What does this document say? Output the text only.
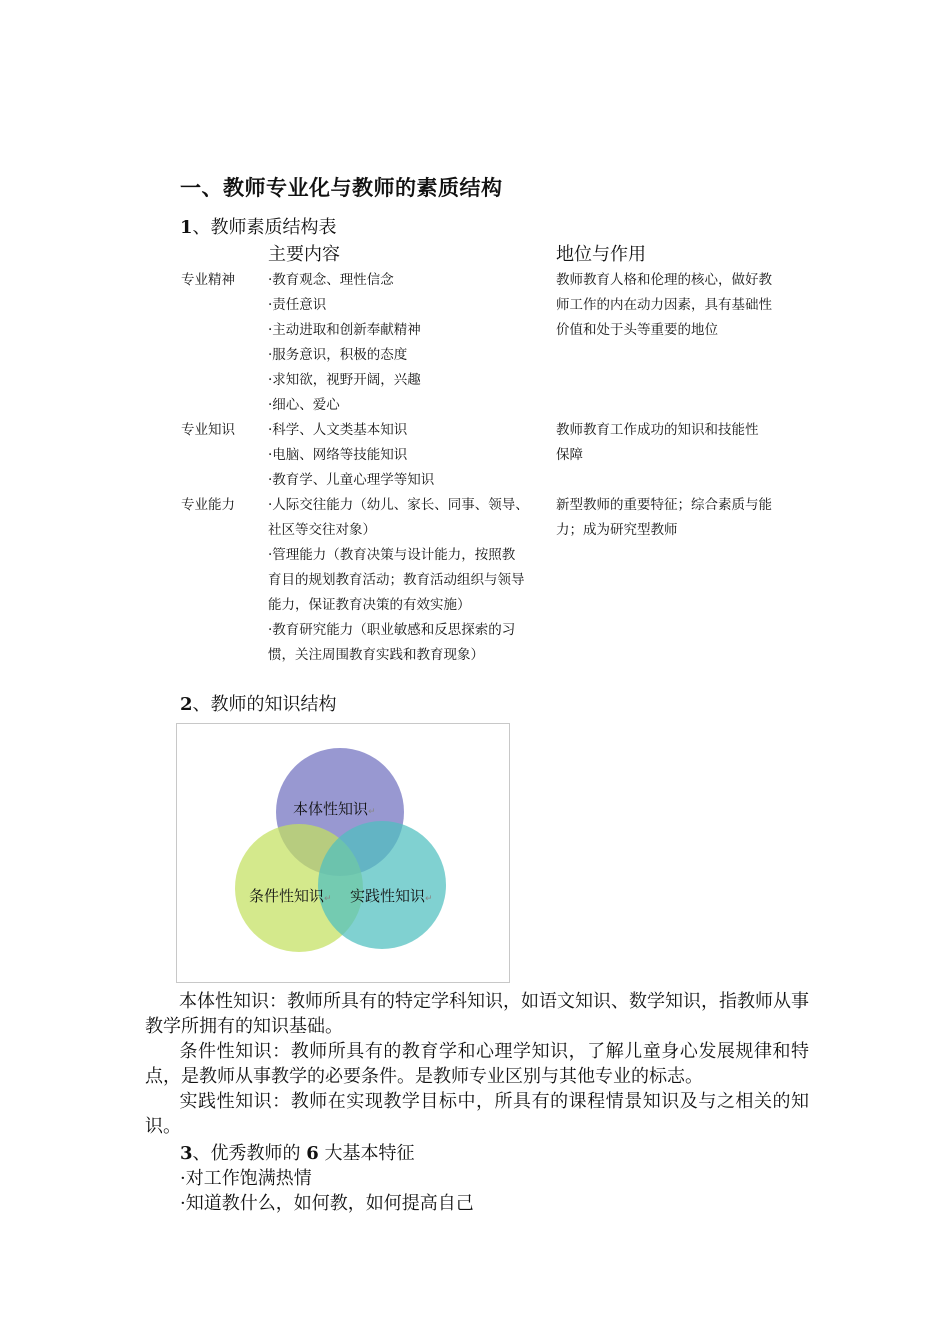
一、教师专业化与教师的素质结构
1、教师素质结构表
主要内容	地位与作用
专业精神 ·教育观念、理性信念
·责任意识
·主动进取和创新奉献精神
·服务意识，积极的态度
·求知欲，视野开阔，兴趣
·细心、爱心
教师教育人格和伦理的核心，做好教
师工作的内在动力因素，具有基础性
价值和处于头等重要的地位
专业知识 ·科学、人文类基本知识
·电脑、网络等技能知识
·教育学、儿童心理学等知识
教师教育工作成功的知识和技能性
保障
专业能力 ·人际交往能力（幼儿、家长、同事、领导、
社区等交往对象）
·管理能力（教育决策与设计能力，按照教
育目的规划教育活动；教育活动组织与领导
能力，保证教育决策的有效实施）
·教育研究能力（职业敏感和反思探索的习
惯，关注周围教育实践和教育现象）
新型教师的重要特征；综合素质与能
力；成为研究型教师
2、教师的知识结构
本体性知识↵
条件性知识↵ 实践性知识↵
本体性知识：教师所具有的特定学科知识，如语文知识、数学知识，指教师从事教学所拥有的知识基础。
条件性知识：教师所具有的教育学和心理学知识，了解儿童身心发展规律和特点，是教师从事教学的必要条件。是教师专业区别与其他专业的标志。
实践性知识：教师在实现教学目标中，所具有的课程情景知识及与之相关的知识。
3、优秀教师的 6 大基本特征
·对工作饱满热情
·知道教什么，如何教，如何提高自己
